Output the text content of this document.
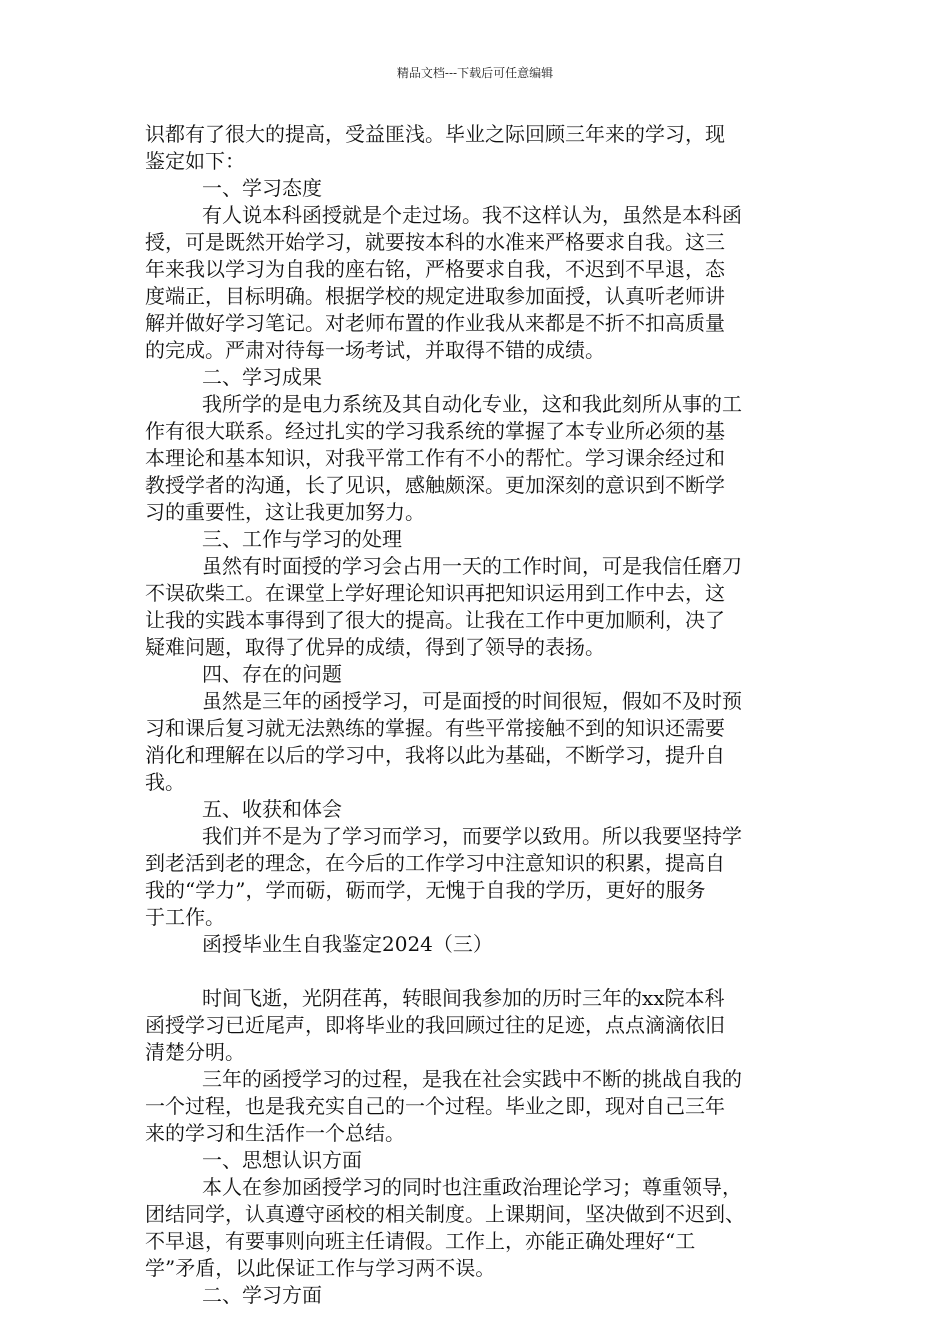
精品文档---下载后可任意编辑
识都有了很大的提高，受益匪浅。毕业之际回顾三年来的学习，现
鉴定如下：
一、学习态度
有人说本科函授就是个走过场。我不这样认为，虽然是本科函
授，可是既然开始学习，就要按本科的水准来严格要求自我。这三
年来我以学习为自我的座右铭，严格要求自我，不迟到不早退，态
度端正，目标明确。根据学校的规定进取参加面授，认真听老师讲
解并做好学习笔记。对老师布置的作业我从来都是不折不扣高质量
的完成。严肃对待每一场考试，并取得不错的成绩。
二、学习成果
我所学的是电力系统及其自动化专业，这和我此刻所从事的工
作有很大联系。经过扎实的学习我系统的掌握了本专业所必须的基
本理论和基本知识，对我平常工作有不小的帮忙。学习课余经过和
教授学者的沟通，长了见识，感触颇深。更加深刻的意识到不断学
习的重要性，这让我更加努力。
三、工作与学习的处理
虽然有时面授的学习会占用一天的工作时间，可是我信任磨刀
不误砍柴工。在课堂上学好理论知识再把知识运用到工作中去，这
让我的实践本事得到了很大的提高。让我在工作中更加顺利，决了
疑难问题，取得了优异的成绩，得到了领导的表扬。
四、存在的问题
虽然是三年的函授学习，可是面授的时间很短，假如不及时预
习和课后复习就无法熟练的掌握。有些平常接触不到的知识还需要
消化和理解在以后的学习中，我将以此为基础，不断学习，提升自
我。
五、收获和体会
我们并不是为了学习而学习，而要学以致用。所以我要坚持学
到老活到老的理念，在今后的工作学习中注意知识的积累，提高自
我的“学力”，学而砺，砺而学，无愧于自我的学历，更好的服务
于工作。
函授毕业生自我鉴定2024（三）
时间飞逝，光阴荏苒，转眼间我参加的历时三年的xx院本科
函授学习已近尾声，即将毕业的我回顾过往的足迹，点点滴滴依旧
清楚分明。
三年的函授学习的过程，是我在社会实践中不断的挑战自我的
一个过程，也是我充实自己的一个过程。毕业之即，现对自己三年
来的学习和生活作一个总结。
一、思想认识方面
本人在参加函授学习的同时也注重政治理论学习；尊重领导，
团结同学，认真遵守函校的相关制度。上课期间，坚决做到不迟到、
不早退，有要事则向班主任请假。工作上，亦能正确处理好“工
学”矛盾，以此保证工作与学习两不误。
二、学习方面
